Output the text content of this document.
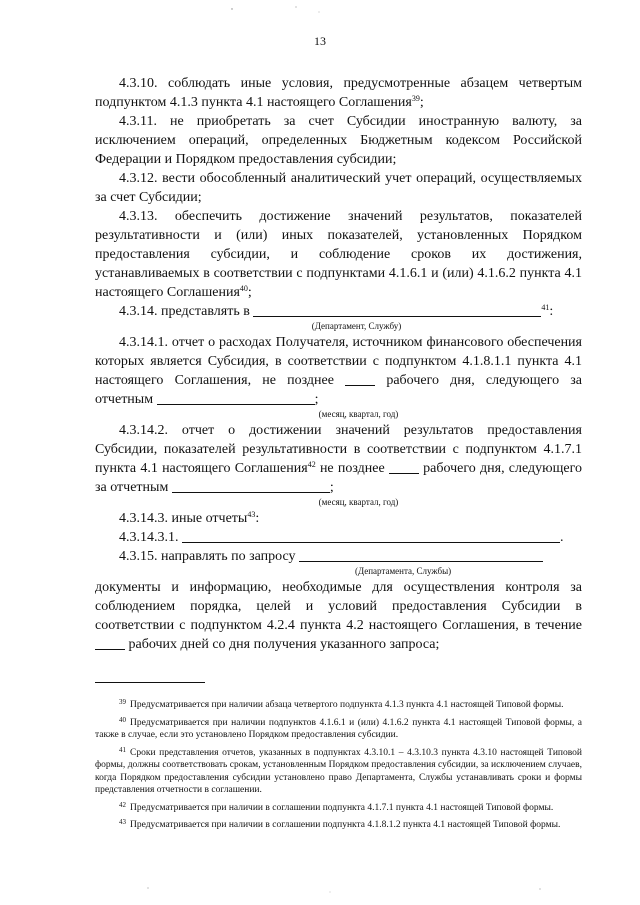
13

4.3.10. соблюдать иные условия, предусмотренные абзацем четвертым подпунктом 4.1.3 пункта 4.1 настоящего Соглашения$^{39}$;

4.3.11. не приобретать за счет Субсидии иностранную валюту, за исключением операций, определенных Бюджетным кодексом Российской Федерации и Порядком предоставления субсидии;

4.3.12. вести обособленный аналитический учет операций, осуществляемых за счет Субсидии;

4.3.13. обеспечить достижение значений результатов, показателей результативности и (или) иных показателей, установленных Порядком предоставления субсидии, и соблюдение сроков их достижения, устанавливаемых в соответствии с подпунктами 4.1.6.1 и (или) 4.1.6.2 пункта 4.1 настоящего Соглашения$^{40}$;

4.3.14. представлять в	$^{41}$:

(Департамент, Службу)

4.3.14.1. отчет о расходах Получателя, источником финансового обеспечения которых является Субсидия, в соответствии с подпунктом 4.1.8.1.1 пункта 4.1 настоящего Соглашения, не позднее	рабочего дня, следующего за отчетным	;

(месяц, квартал, год)

4.3.14.2. отчет о достижении значений результатов предоставления Субсидии, показателей результативности в соответствии с подпунктом 4.1.7.1 пункта 4.1 настоящего Соглашения$^{42}$ не позднее	рабочего дня, следующего за отчетным	;

(месяц, квартал, год)

4.3.14.3. иные отчеты$^{43}$:

4.3.14.3.1.	.

4.3.15. направлять по запросу

(Департамента, Службы)

документы и информацию, необходимые для осуществления контроля за соблюдением порядка, целей и условий предоставления Субсидии в соответствии с подпунктом 4.2.4 пункта 4.2 настоящего Соглашения, в течение  рабочих дней со дня получения указанного запроса;

$^{39}$ Предусматривается при наличии абзаца четвертого подпункта 4.1.3 пункта 4.1 настоящей Типовой формы.

$^{40}$ Предусматривается при наличии подпунктов 4.1.6.1 и (или) 4.1.6.2 пункта 4.1 настоящей Типовой формы, а также в случае, если это установлено Порядком предоставления субсидии.

$^{41}$ Сроки представления отчетов, указанных в подпунктах 4.3.10.1 – 4.3.10.3 пункта 4.3.10 настоящей Типовой формы, должны соответствовать срокам, установленным Порядком предоставления субсидии, за исключением случаев, когда Порядком предоставления субсидии установлено право Департамента, Службы устанавливать сроки и формы представления отчетности в соглашении.

$^{42}$ Предусматривается при наличии в соглашении подпункта 4.1.7.1 пункта 4.1 настоящей Типовой формы.

$^{43}$ Предусматривается при наличии в соглашении подпункта 4.1.8.1.2 пункта 4.1 настоящей Типовой формы.
